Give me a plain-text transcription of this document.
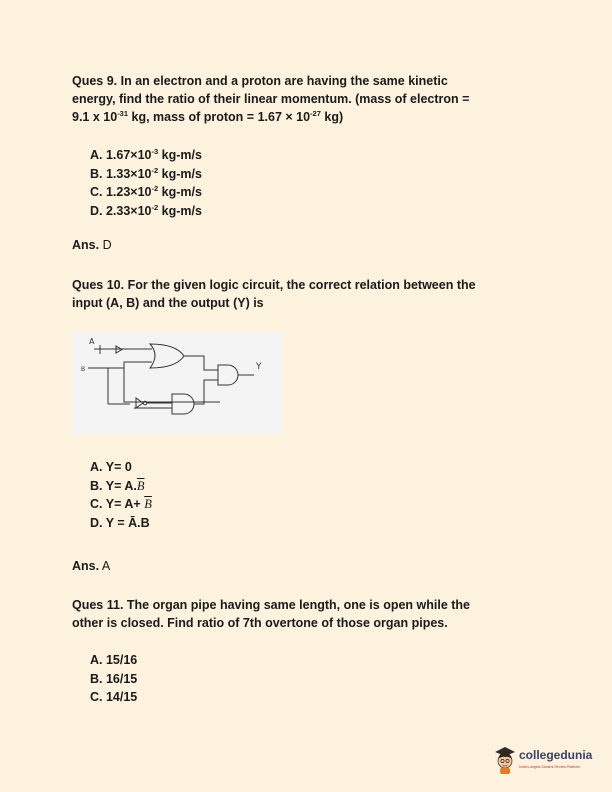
Ques 9. In an electron and a proton are having the same kinetic
energy, find the ratio of their linear momentum. (mass of electron =
9.1 x $10^{-31}$ kg, mass of proton = $1.67 \times 10^{-27}$ kg)
A. $1.67\times 10^{-3}$ kg-m/s
B. $1.33\times 10^{-2}$ kg-m/s
C. $1.23\times 10^{-2}$ kg-m/s
D. $2.33\times 10^{-2}$ kg-m/s
Ans. D
Ques 10. For the given logic circuit, the correct relation between the
input (A, B) and the output (Y) is
A
B	Y
A. Y= 0
B. $Y= A.\overline{B}$
C. $Y= A+ \overline{B}$
D. Y = Ā.B
Ans. A
Ques 11. The organ pipe having same length, one is open while the
other is closed. Find ratio of 7th overtone of those organ pipes.
A. 15/16
B. 16/15
C. 14/15
collegedunia
India's largest Student Review Platform
